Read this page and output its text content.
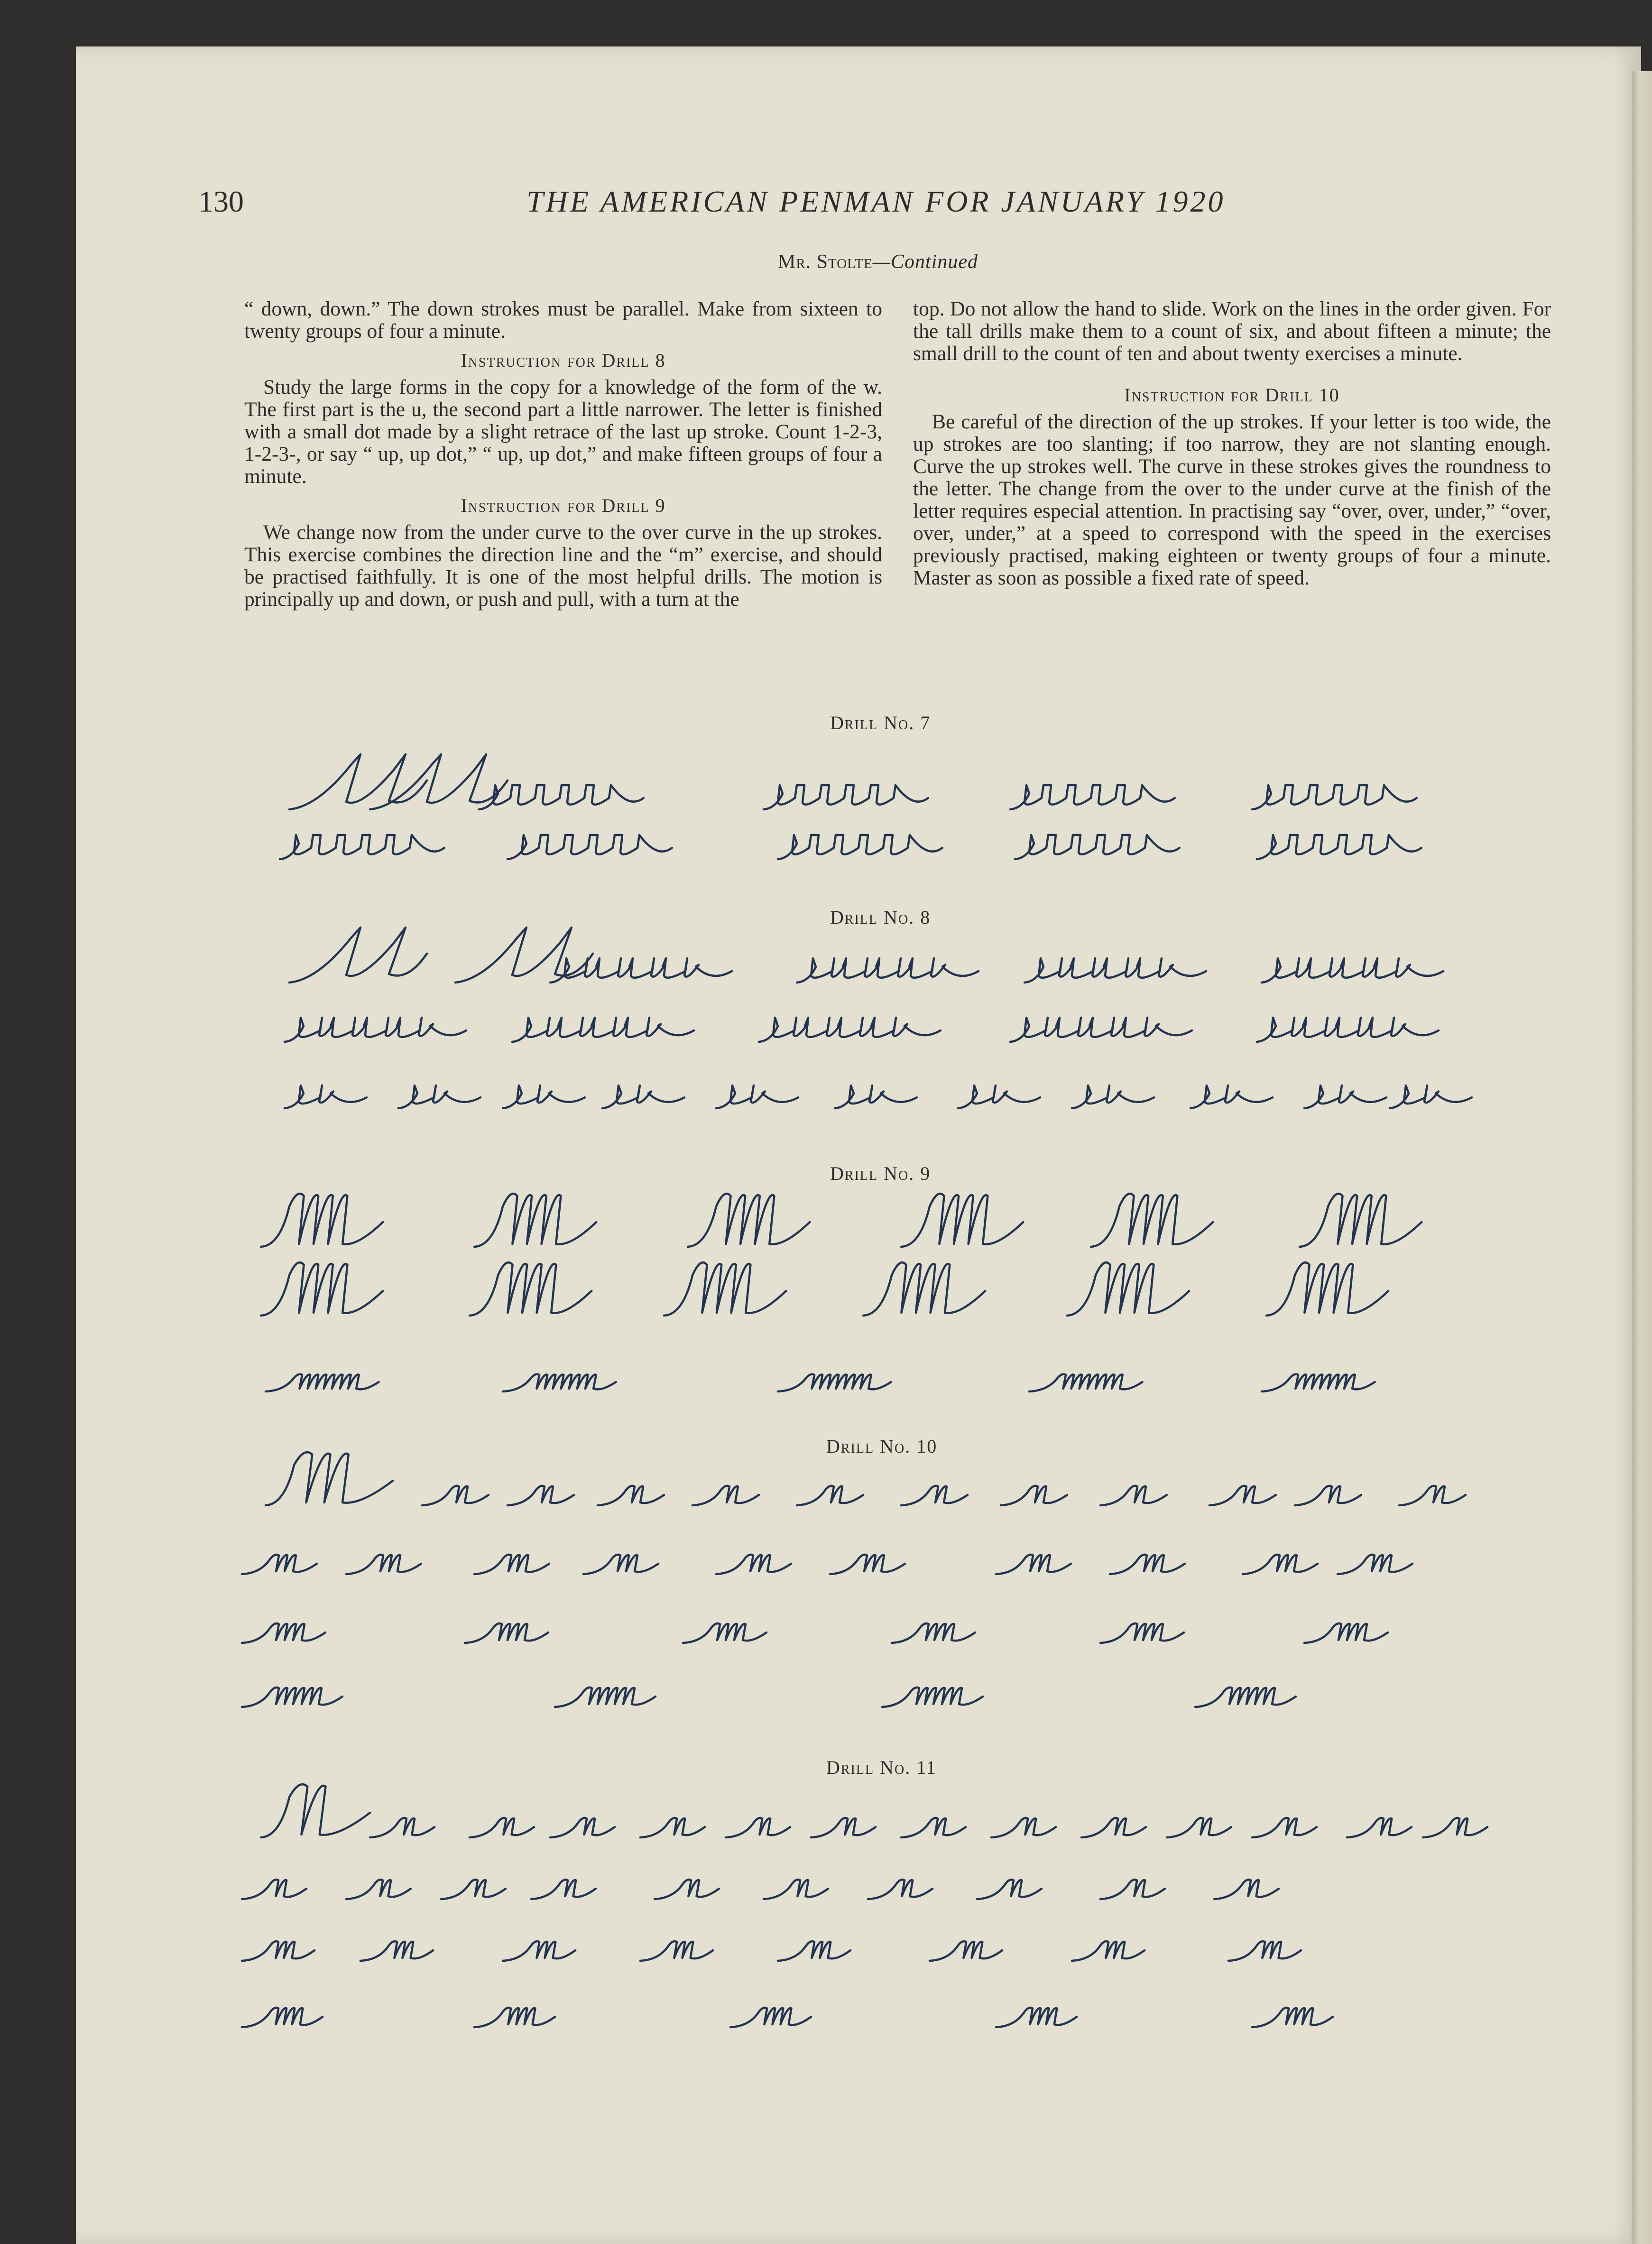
130	THE AMERICAN PENMAN FOR JANUARY 1920
Mr. Stolte—Continued

“ down, down.” The down strokes must be parallel. Make from sixteen to twenty groups of four a minute.

Instruction for Drill 8

Study the large forms in the copy for a knowledge of the form of the w. The first part is the u, the second part a little narrower. The letter is finished with a small dot made by a slight retrace of the last up stroke. Count 1-2-3, 1-2-3-, or say “ up, up dot,” “ up, up dot,” and make fifteen groups of four a minute.

Instruction for Drill 9

We change now from the under curve to the over curve in the up strokes. This exercise combines the direction line and the “m” exercise, and should be practised faithfully. It is one of the most helpful drills. The motion is principally up and down, or push and pull, with a turn at the

top. Do not allow the hand to slide. Work on the lines in the order given. For the tall drills make them to a count of six, and about fifteen a minute; the small drill to the count of ten and about twenty exercises a minute.

Instruction for Drill 10

Be careful of the direction of the up strokes. If your letter is too wide, the up strokes are too slanting; if too narrow, they are not slanting enough. Curve the up strokes well. The curve in these strokes gives the roundness to the letter. The change from the over to the under curve at the finish of the letter requires especial attention. In practising say “over, over, under,” “over, over, under,” at a speed to correspond with the speed in the exercises previously practised, making eighteen or twenty groups of four a minute. Master as soon as possible a fixed rate of speed.

Drill No. 7
Drill No. 8
Drill No. 9
Drill No. 10
Drill No. 11
